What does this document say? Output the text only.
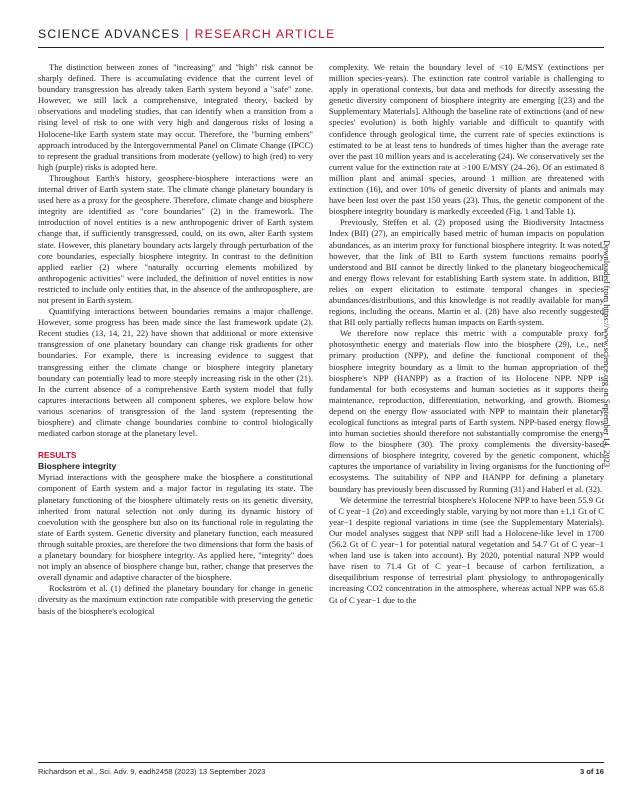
SCIENCE ADVANCES | RESEARCH ARTICLE

The distinction between zones of "increasing" and "high" risk cannot be sharply defined. There is accumulating evidence that the current level of boundary transgression has already taken Earth system beyond a "safe" zone. However, we still lack a comprehensive, integrated theory, backed by observations and modeling studies, that can identify when a transition from a rising level of risk to one with very high and dangerous risks of losing a Holocene-like Earth system state may occur. Therefore, the "burning embers" approach introduced by the Intergovernmental Panel on Climate Change (IPCC) to represent the gradual transitions from moderate (yellow) to high (red) to very high (purple) risks is adopted here.

Throughout Earth's history, geosphere-biosphere interactions were an internal driver of Earth system state. The climate change planetary boundary is used here as a proxy for the geosphere. Therefore, climate change and biosphere integrity are identified as "core boundaries" (2) in the framework. The introduction of novel entities is a new anthropogenic driver of Earth system change that, if sufficiently transgressed, could, on its own, alter Earth system state. However, this planetary boundary acts largely through perturbation of the core boundaries, especially biosphere integrity. In contrast to the definition applied earlier (2) where "naturally occurring elements mobilized by anthropogenic activities" were included, the definition of novel entities is now restricted to include only entities that, in the absence of the anthroposphere, are not present in Earth system.

Quantifying interactions between boundaries remains a major challenge. However, some progress has been made since the last framework update (2). Recent studies (13, 14, 21, 22) have shown that additional or more extensive transgression of one planetary boundary can change risk gradients for other boundaries. For example, there is increasing evidence to suggest that transgressing either the climate change or biosphere integrity planetary boundary can potentially lead to more steeply increasing risk in the other (21). In the current absence of a comprehensive Earth system model that fully captures interactions between all component spheres, we explore below how various scenarios of transgression of the land system (representing the biosphere) and climate change boundaries combine to control biologically mediated carbon storage at the planetary level.

RESULTS
Biosphere integrity

Myriad interactions with the geosphere make the biosphere a constitutional component of Earth system and a major factor in regulating its state. The planetary functioning of the biosphere ultimately rests on its genetic diversity, inherited from natural selection not only during its dynamic history of coevolution with the geosphere but also on its functional role in regulating the state of Earth system. Genetic diversity and planetary function, each measured through suitable proxies, are therefore the two dimensions that form the basis of a planetary boundary for biosphere integrity. As applied here, "integrity" does not imply an absence of biosphere change but, rather, change that preserves the overall dynamic and adaptive character of the biosphere.

Rockström et al. (1) defined the planetary boundary for change in genetic diversity as the maximum extinction rate compatible with preserving the genetic basis of the biosphere's ecological

complexity. We retain the boundary level of <10 E/MSY (extinctions per million species-years). The extinction rate control variable is challenging to apply in operational contexts, but data and methods for directly assessing the genetic diversity component of biosphere integrity are emerging [(23) and the Supplementary Materials]. Although the baseline rate of extinctions (and of new species' evolution) is both highly variable and difficult to quantify with confidence through geological time, the current rate of species extinctions is estimated to be at least tens to hundreds of times higher than the average rate over the past 10 million years and is accelerating (24). We conservatively set the current value for the extinction rate at >100 E/MSY (24–26). Of an estimated 8 million plant and animal species, around 1 million are threatened with extinction (16), and over 10% of genetic diversity of plants and animals may have been lost over the past 150 years (23). Thus, the genetic component of the biosphere integrity boundary is markedly exceeded (Fig. 1 and Table 1).

Previously, Steffen et al. (2) proposed using the Biodiversity Intactness Index (BII) (27), an empirically based metric of human impacts on population abundances, as an interim proxy for functional biosphere integrity. It was noted, however, that the link of BII to Earth system functions remains poorly understood and BII cannot be directly linked to the planetary biogeochemical and energy flows relevant for establishing Earth system state. In addition, BII relies on expert elicitation to estimate temporal changes in species abundances/distributions, and this knowledge is not readily available for many regions, including the oceans. Martin et al. (28) have also recently suggested that BII only partially reflects human impacts on Earth system.

We therefore now replace this metric with a computable proxy for photosynthetic energy and materials flow into the biosphere (29), i.e., net primary production (NPP), and define the functional component of the biosphere integrity boundary as a limit to the human appropriation of the biosphere's NPP (HANPP) as a fraction of its Holocene NPP. NPP is fundamental for both ecosystems and human societies as it supports their maintenance, reproduction, differentiation, networking, and growth. Biomes depend on the energy flow associated with NPP to maintain their planetary ecological functions as integral parts of Earth system. NPP-based energy flows into human societies should therefore not substantially compromise the energy flow to the biosphere (30). The proxy complements the diversity-based dimensions of biosphere integrity, covered by the genetic component, which captures the importance of variability in living organisms for the functioning of ecosystems. The suitability of NPP and HANPP for defining a planetary boundary has previously been discussed by Running (31) and Haberl et al. (32).

We determine the terrestrial biosphere's Holocene NPP to have been 55.9 Gt of C year−1 (2σ) and exceedingly stable, varying by not more than ±1.1 Gt of C year−1 despite regional variations in time (see the Supplementary Materials). Our model analyses suggest that NPP still had a Holocene-like level in 1700 (56.2 Gt of C year−1 for potential natural vegetation and 54.7 Gt of C year−1 when land use is taken into account). By 2020, potential natural NPP would have risen to 71.4 Gt of C year−1 because of carbon fertilization, a disequilibrium response of terrestrial plant physiology to anthropogenically increasing CO2 concentration in the atmosphere, whereas actual NPP was 65.8 Gt of C year−1 due to the

Downloaded from https://www.science.org on September 14, 2023
Richardson et al., Sci. Adv. 9, eadh2458 (2023) 13 September 2023	3 of 16
